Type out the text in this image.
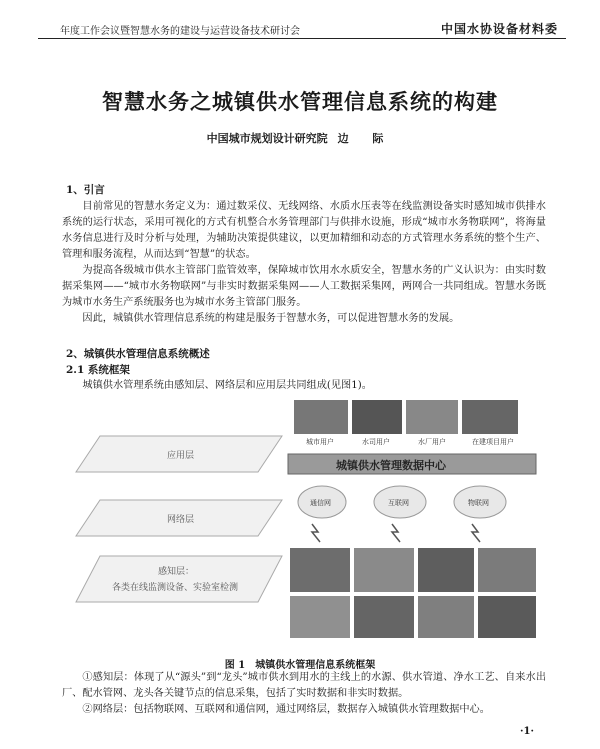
年度工作会议暨智慧水务的建设与运营设备技术研讨会	中国水协设备材料委
智慧水务之城镇供水管理信息系统的构建
中国城市规划设计研究院 边 际
1、引言

目前常见的智慧水务定义为：通过数采仪、无线网络、水质水压表等在线监测设备实时感知城市供排水系统的运行状态，采用可视化的方式有机整合水务管理部门与供排水设施，形成“城市水务物联网”，将海量水务信息进行及时分析与处理，为辅助决策提供建议，以更加精细和动态的方式管理水务系统的整个生产、管理和服务流程，从而达到“智慧”的状态。

为提高各级城市供水主管部门监管效率，保障城市饮用水水质安全，智慧水务的广义认识为：由实时数据采集网——“城市水务物联网”与非实时数据采集网——人工数据采集网，两网合一共同组成。智慧水务既为城市水务生产系统服务也为城市水务主管部门服务。

因此，城镇供水管理信息系统的构建是服务于智慧水务，可以促进智慧水务的发展。

2、城镇供水管理信息系统概述
2.1 系统框架

城镇供水管理系统由感知层、网络层和应用层共同组成(见图1)。

应用层
网络层
感知层：
各类在线监测设备、实验室检测
城市用户	水司用户	水厂用户	在建项目用户
城镇供水管理数据中心
通信网	互联网	物联网
图 1　城镇供水管理信息系统框架

①感知层：体现了从“源头”到“龙头”城市供水到用水的主线上的水源、供水管道、净水工艺、自来水出厂、配水管网、龙头各关键节点的信息采集，包括了实时数据和非实时数据。

②网络层：包括物联网、互联网和通信网，通过网络层，数据存入城镇供水管理数据中心。

·1·
